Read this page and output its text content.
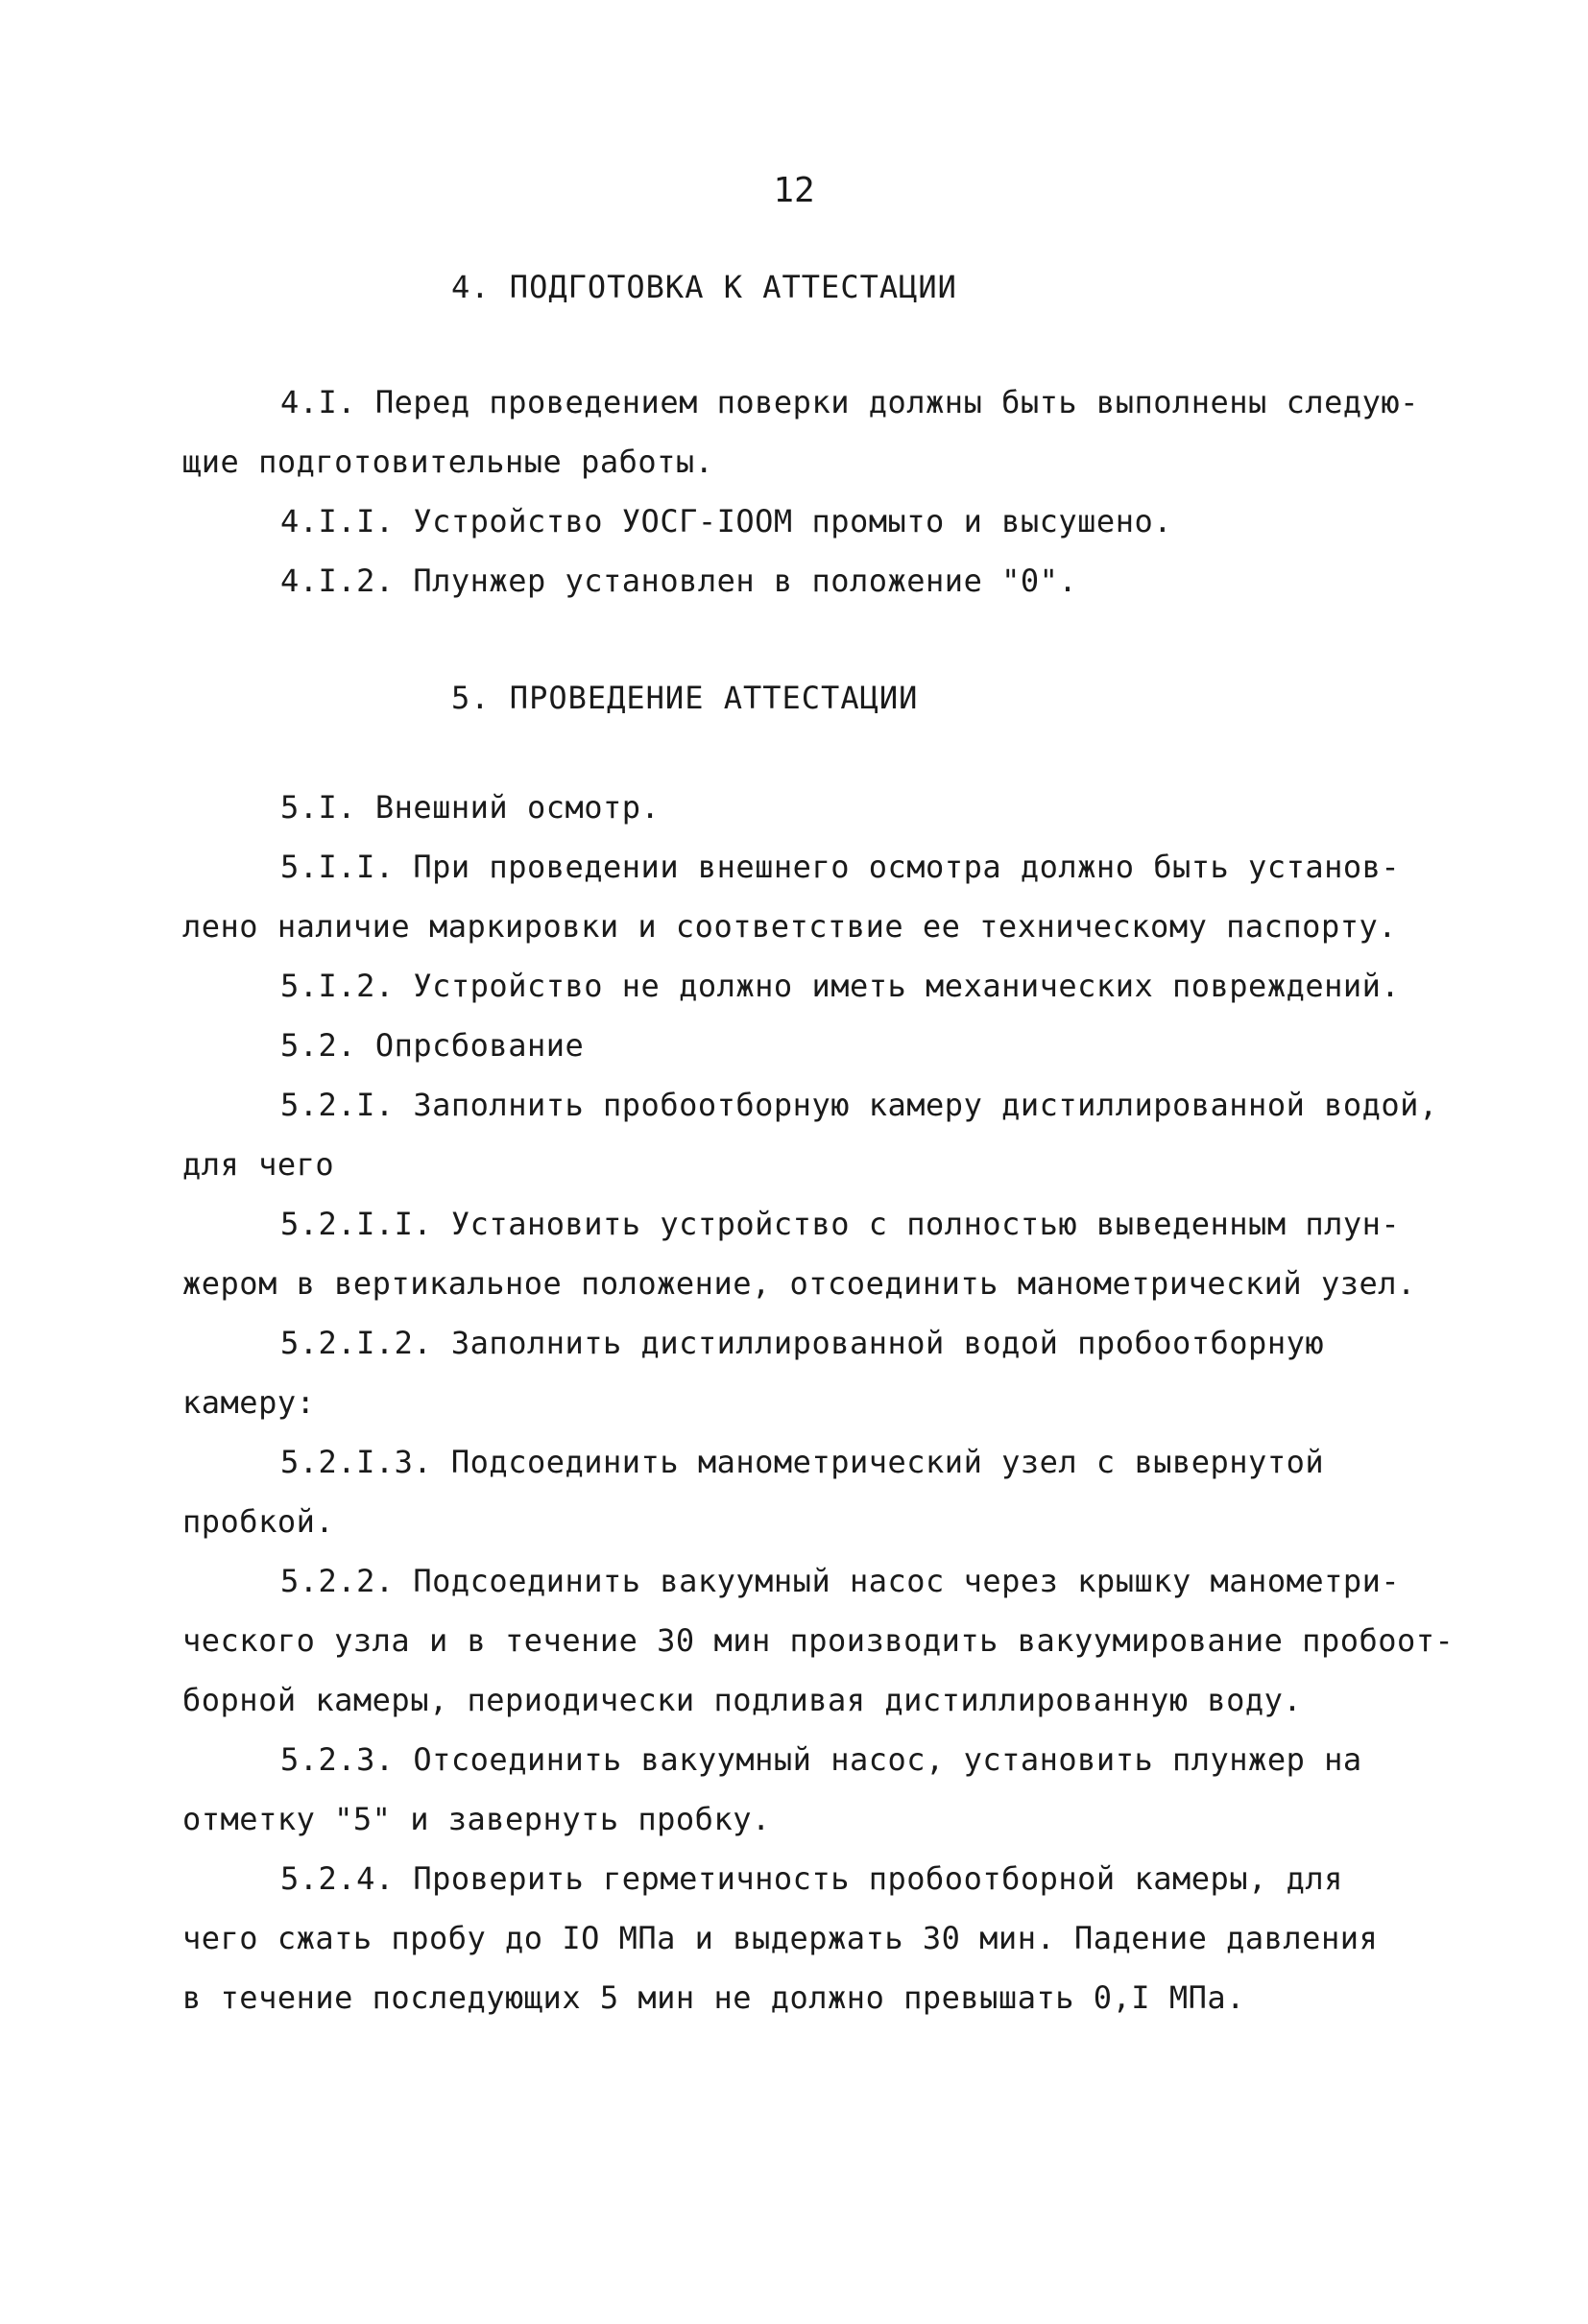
12
4. ПОДГОТОВКА К АТТЕСТАЦИИ
4.I. Перед проведением поверки должны быть выполнены следую-
щие подготовительные работы.
4.I.I. Устройство УОСГ-IOOМ промыто и высушено.
4.I.2. Плунжер установлен в положение "0".
5. ПРОВЕДЕНИЕ АТТЕСТАЦИИ
5.I. Внешний осмотр.
5.I.I. При проведении внешнего осмотра должно быть установ-
лено наличие маркировки и соответствие ее техническому паспорту.
5.I.2. Устройство не должно иметь механических повреждений.
5.2. Опрсбование
5.2.I. Заполнить пробоотборную камеру дистиллированной водой,
для чего
5.2.I.I. Установить устройство с полностью выведенным плун-
жером в вертикальное положение, отсоединить манометрический узел.
5.2.I.2. Заполнить дистиллированной водой пробоотборную
камеру:
5.2.I.3. Подсоединить манометрический узел с вывернутой
пробкой.
5.2.2. Подсоединить вакуумный насос через крышку манометри-
ческого узла и в течение 30 мин производить вакуумирование пробоот-
борной камеры, периодически подливая дистиллированную воду.
5.2.3. Отсоединить вакуумный насос, установить плунжер на
отметку "5" и завернуть пробку.
5.2.4. Проверить герметичность пробоотборной камеры, для
чего сжать пробу до IO МПа и выдержать 30 мин. Падение давления
в течение последующих 5 мин не должно превышать 0,I МПа.
